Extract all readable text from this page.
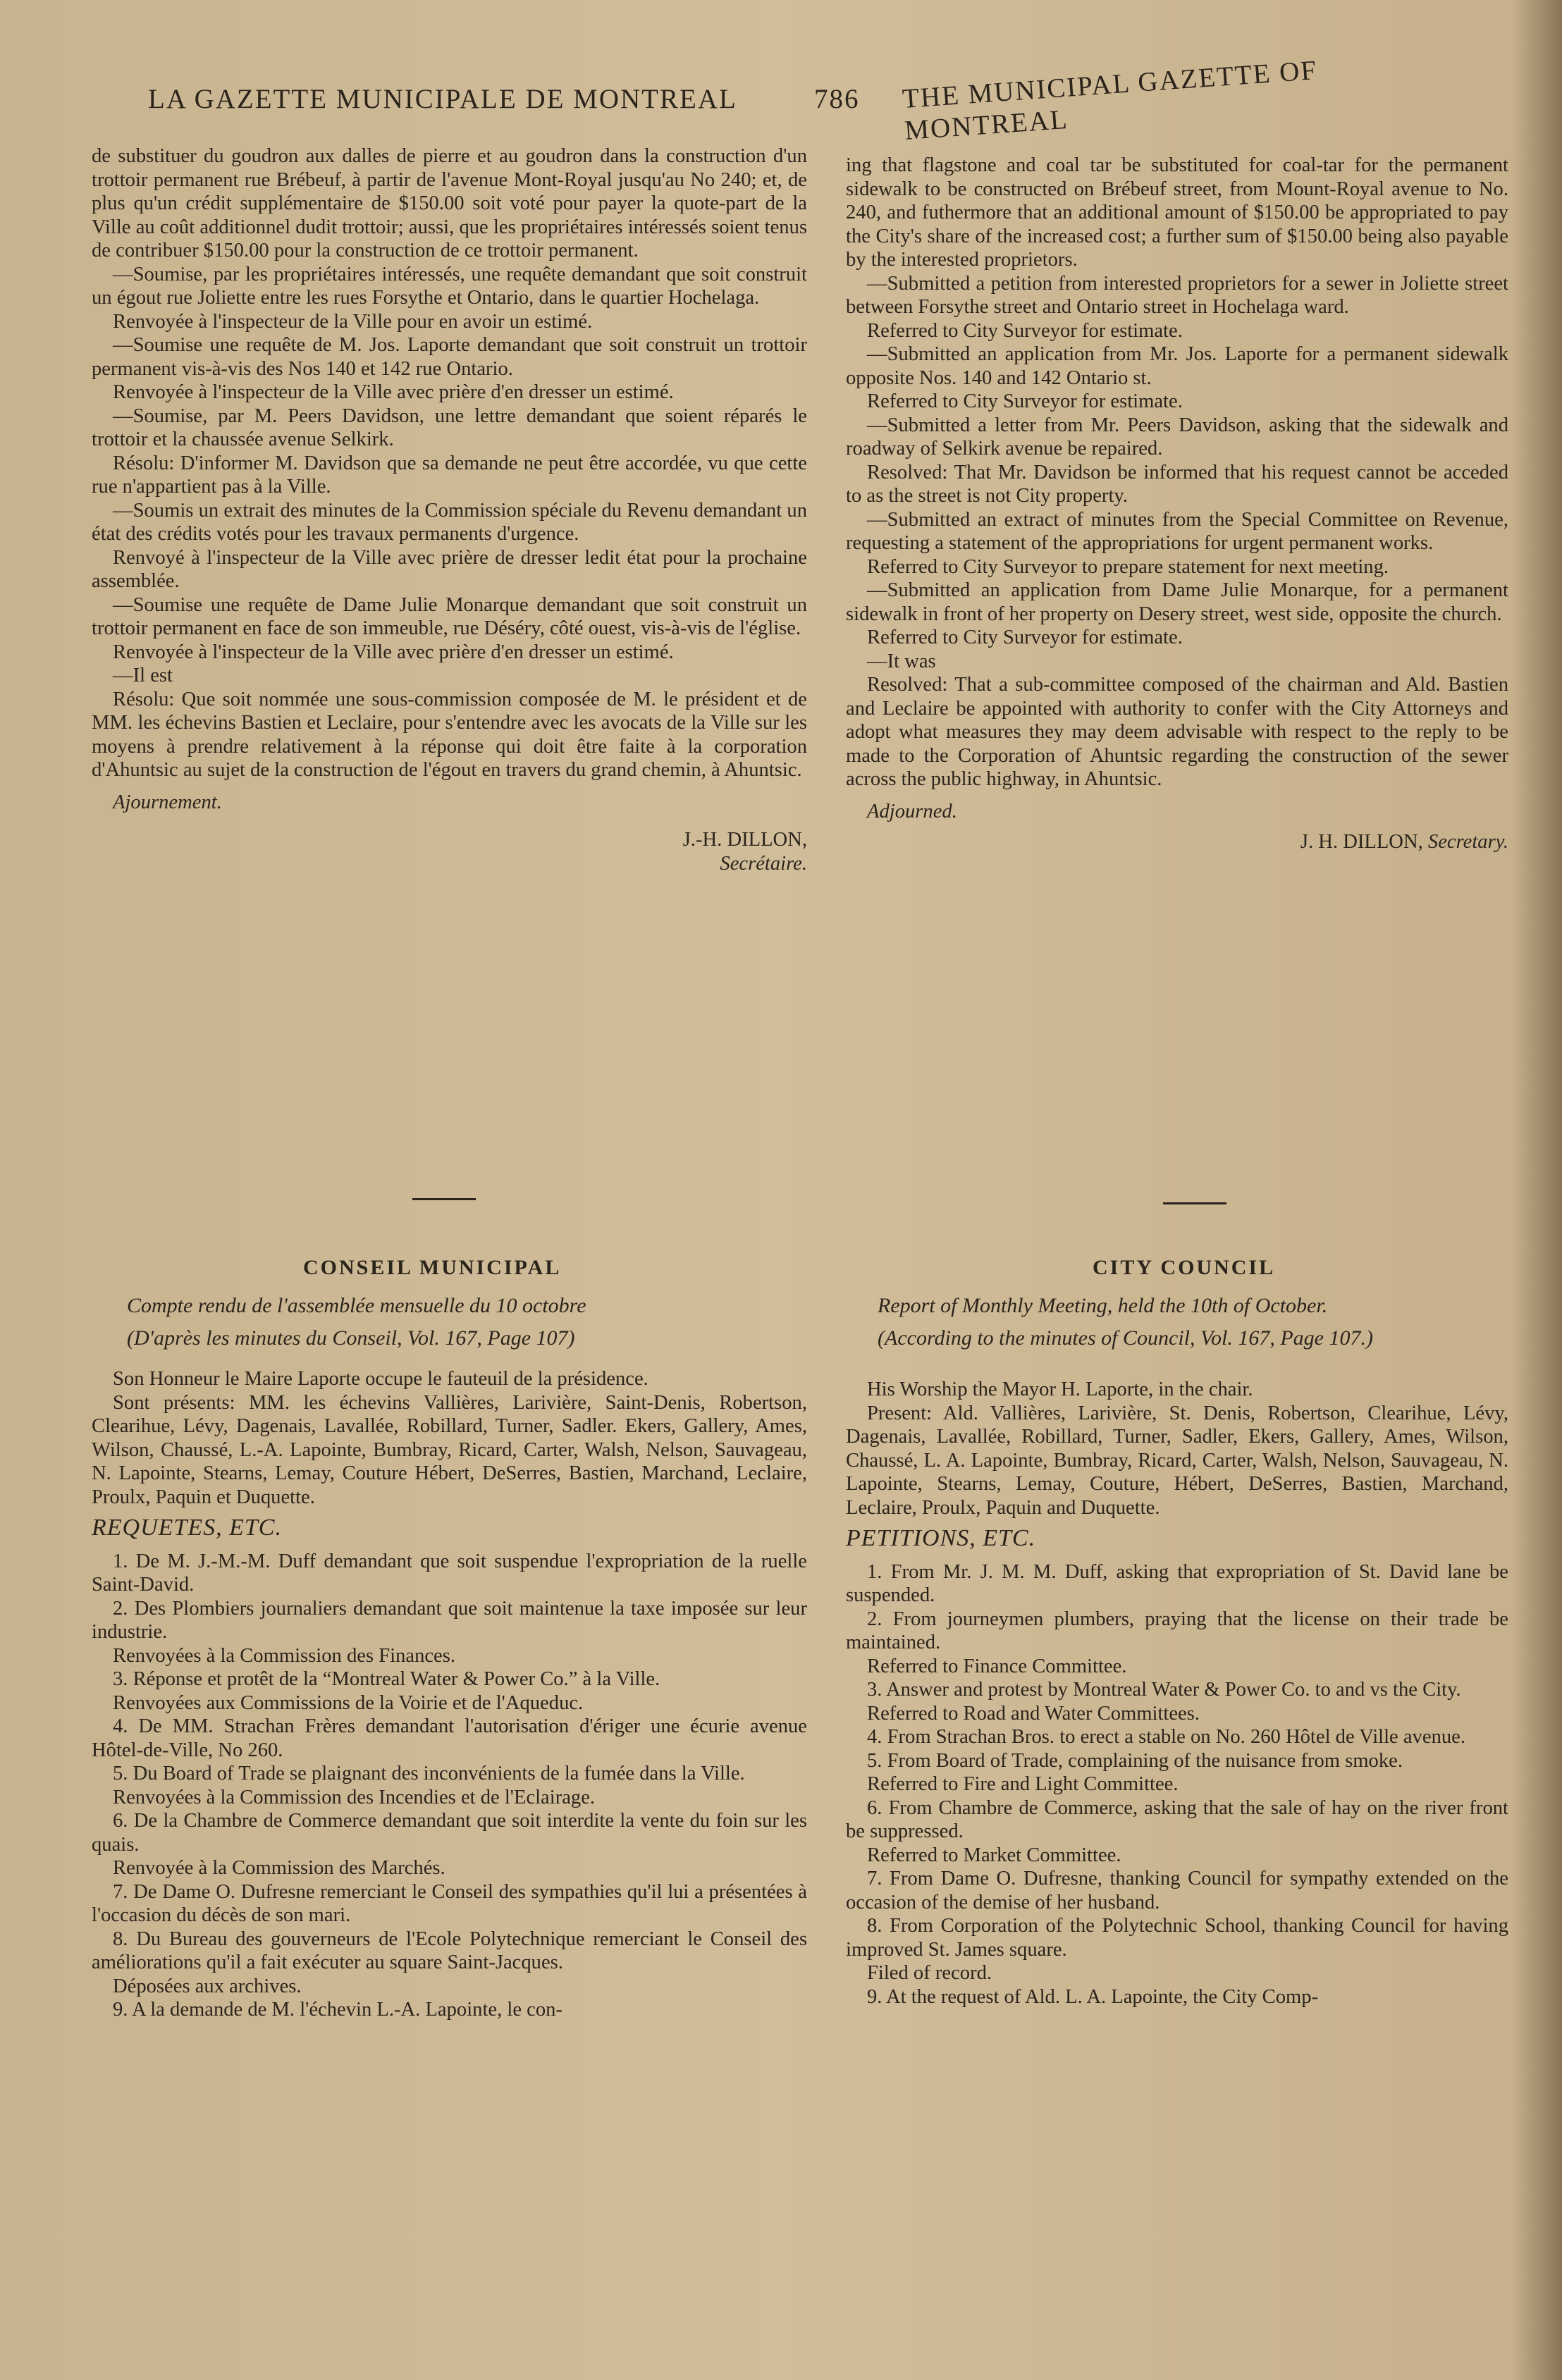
LA GAZETTE MUNICIPALE DE MONTREAL	786 THE MUNICIPAL GAZETTE OF MONTREAL

de substituer du goudron aux dalles de pierre et au goudron dans la construction d'un trottoir permanent rue Brébeuf, à partir de l'avenue Mont-Royal jusqu'au No 240; et, de plus qu'un crédit supplémentaire de $150.00 soit voté pour payer la quote-part de la Ville au coût additionnel dudit trottoir; aussi, que les propriétaires intéressés soient tenus de contribuer $150.00 pour la construction de ce trottoir permanent.

—Soumise, par les propriétaires intéressés, une requête demandant que soit construit un égout rue Joliette entre les rues Forsythe et Ontario, dans le quartier Hochelaga.

Renvoyée à l'inspecteur de la Ville pour en avoir un estimé.

—Soumise une requête de M. Jos. Laporte demandant que soit construit un trottoir permanent vis-à-vis des Nos 140 et 142 rue Ontario.

Renvoyée à l'inspecteur de la Ville avec prière d'en dresser un estimé.

—Soumise, par M. Peers Davidson, une lettre demandant que soient réparés le trottoir et la chaussée avenue Selkirk.

Résolu: D'informer M. Davidson que sa demande ne peut être accordée, vu que cette rue n'appartient pas à la Ville.

—Soumis un extrait des minutes de la Commission spéciale du Revenu demandant un état des crédits votés pour les travaux permanents d'urgence.

Renvoyé à l'inspecteur de la Ville avec prière de dresser ledit état pour la prochaine assemblée.

—Soumise une requête de Dame Julie Monarque demandant que soit construit un trottoir permanent en face de son immeuble, rue Déséry, côté ouest, vis-à-vis de l'église.

Renvoyée à l'inspecteur de la Ville avec prière d'en dresser un estimé.

—Il est

Résolu: Que soit nommée une sous-commission composée de M. le président et de MM. les échevins Bastien et Leclaire, pour s'entendre avec les avocats de la Ville sur les moyens à prendre relativement à la réponse qui doit être faite à la corporation d'Ahuntsic au sujet de la construction de l'égout en travers du grand chemin, à Ahuntsic.

Ajournement.

J.-H. DILLON,
Secrétaire.

ing that flagstone and coal tar be substituted for coal-tar for the permanent sidewalk to be constructed on Brébeuf street, from Mount-Royal avenue to No. 240, and futhermore that an additional amount of $150.00 be appropriated to pay the City's share of the increased cost; a further sum of $150.00 being also payable by the interested proprietors.

—Submitted a petition from interested proprietors for a sewer in Joliette street between Forsythe street and Ontario street in Hochelaga ward.

Referred to City Surveyor for estimate.

—Submitted an application from Mr. Jos. Laporte for a permanent sidewalk opposite Nos. 140 and 142 Ontario st.

Referred to City Surveyor for estimate.

—Submitted a letter from Mr. Peers Davidson, asking that the sidewalk and roadway of Selkirk avenue be repaired.

Resolved: That Mr. Davidson be informed that his request cannot be acceded to as the street is not City property.

—Submitted an extract of minutes from the Special Committee on Revenue, requesting a statement of the appropriations for urgent permanent works.

Referred to City Surveyor to prepare statement for next meeting.

—Submitted an application from Dame Julie Monarque, for a permanent sidewalk in front of her property on Desery street, west side, opposite the church.

Referred to City Surveyor for estimate.

—It was

Resolved: That a sub-committee composed of the chairman and Ald. Bastien and Leclaire be appointed with authority to confer with the City Attorneys and adopt what measures they may deem advisable with respect to the reply to be made to the Corporation of Ahuntsic regarding the construction of the sewer across the public highway, in Ahuntsic.

Adjourned.

J. H. DILLON, Secretary.
CONSEIL MUNICIPAL	CITY COUNCIL
Compte rendu de l'assemblée mensuelle du 10 octobre
(D'après les minutes du Conseil, Vol. 167, Page 107)
Report of Monthly Meeting, held the 10th of October.
(According to the minutes of Council, Vol. 167, Page 107.)

Son Honneur le Maire Laporte occupe le fauteuil de la présidence.

Sont présents: MM. les échevins Vallières, Larivière, Saint-Denis, Robertson, Clearihue, Lévy, Dagenais, Lavallée, Robillard, Turner, Sadler. Ekers, Gallery, Ames, Wilson, Chaussé, L.-A. Lapointe, Bumbray, Ricard, Carter, Walsh, Nelson, Sauvageau, N. Lapointe, Stearns, Lemay, Couture Hébert, DeSerres, Bastien, Marchand, Leclaire, Proulx, Paquin et Duquette.

REQUETES, ETC.

1. De M. J.-M.-M. Duff demandant que soit suspendue l'expropriation de la ruelle Saint-David.

2. Des Plombiers journaliers demandant que soit maintenue la taxe imposée sur leur industrie.

Renvoyées à la Commission des Finances.

3. Réponse et protêt de la “Montreal Water & Power Co.” à la Ville.

Renvoyées aux Commissions de la Voirie et de l'Aqueduc.

4. De MM. Strachan Frères demandant l'autorisation d'ériger une écurie avenue Hôtel-de-Ville, No 260.

5. Du Board of Trade se plaignant des inconvénients de la fumée dans la Ville.

Renvoyées à la Commission des Incendies et de l'Eclairage.

6. De la Chambre de Commerce demandant que soit interdite la vente du foin sur les quais.

Renvoyée à la Commission des Marchés.

7. De Dame O. Dufresne remerciant le Conseil des sympathies qu'il lui a présentées à l'occasion du décès de son mari.

8. Du Bureau des gouverneurs de l'Ecole Polytechnique remerciant le Conseil des améliorations qu'il a fait exécuter au square Saint-Jacques.

Déposées aux archives.

9. A la demande de M. l'échevin L.-A. Lapointe, le con-

His Worship the Mayor H. Laporte, in the chair.

Present: Ald. Vallières, Larivière, St. Denis, Robertson, Clearihue, Lévy, Dagenais, Lavallée, Robillard, Turner, Sadler, Ekers, Gallery, Ames, Wilson, Chaussé, L. A. Lapointe, Bumbray, Ricard, Carter, Walsh, Nelson, Sauvageau, N. Lapointe, Stearns, Lemay, Couture, Hébert, DeSerres, Bastien, Marchand, Leclaire, Proulx, Paquin and Duquette.

PETITIONS, ETC.

1. From Mr. J. M. M. Duff, asking that expropriation of St. David lane be suspended.

2. From journeymen plumbers, praying that the license on their trade be maintained.

Referred to Finance Committee.

3. Answer and protest by Montreal Water & Power Co. to and vs the City.

Referred to Road and Water Committees.

4. From Strachan Bros. to erect a stable on No. 260 Hôtel de Ville avenue.

5. From Board of Trade, complaining of the nuisance from smoke.

Referred to Fire and Light Committee.

6. From Chambre de Commerce, asking that the sale of hay on the river front be suppressed.

Referred to Market Committee.

7. From Dame O. Dufresne, thanking Council for sympathy extended on the occasion of the demise of her husband.

8. From Corporation of the Polytechnic School, thanking Council for having improved St. James square.

Filed of record.

9. At the request of Ald. L. A. Lapointe, the City Comp-
